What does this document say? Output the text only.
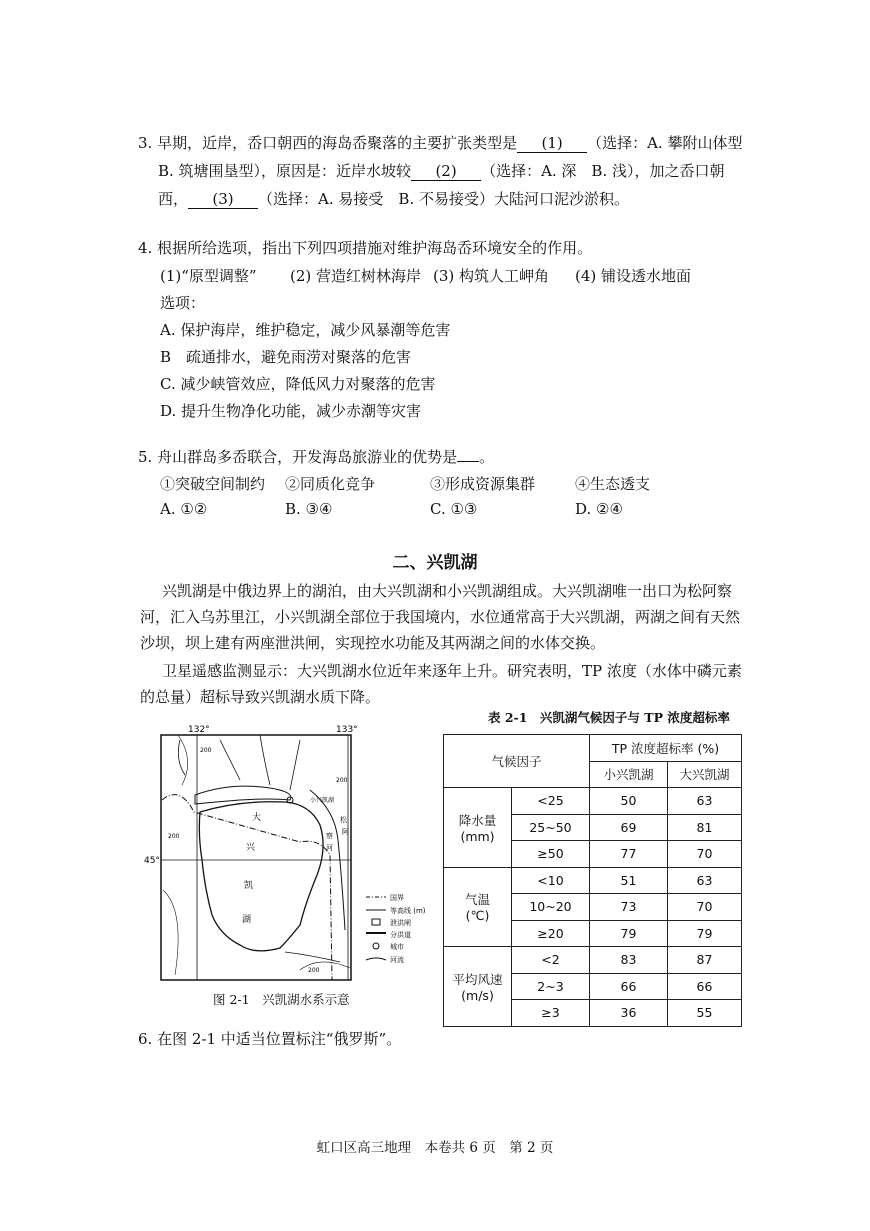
3. 早期，近岸，岙口朝西的海岛岙聚落的主要扩张类型是 (1) （选择：A. 攀附山体型
B. 筑塘围垦型），原因是：近岸水坡较 (2) （选择：A. 深　B. 浅），加之岙口朝
西， (3) （选择：A. 易接受　B. 不易接受）大陆河口泥沙淤积。
4. 根据所给选项，指出下列四项措施对维护海岛岙环境安全的作用。
(1)“原型调整” (2) 营造红树林海岸 (3) 构筑人工岬角 (4) 铺设透水地面
选项：
A. 保护海岸，维护稳定，减少风暴潮等危害
B　疏通排水，避免雨涝对聚落的危害
C. 减少峡管效应，降低风力对聚落的危害
D. 提升生物净化功能，减少赤潮等灾害
5. 舟山群岛多岙联合，开发海岛旅游业的优势是 。
①突破空间制约 ②同质化竞争	③形成资源集群	④生态透支
A. ①②	B. ③④	C. ①③	D. ②④
二、兴凯湖
兴凯湖是中俄边界上的湖泊，由大兴凯湖和小兴凯湖组成。大兴凯湖唯一出口为松阿察
河，汇入乌苏里江，小兴凯湖全部位于我国境内，水位通常高于大兴凯湖，两湖之间有天然
沙坝，坝上建有两座泄洪闸，实现控水功能及其两湖之间的水体交换。
卫星遥感监测显示：大兴凯湖水位近年来逐年上升。研究表明，TP 浓度（水体中磷元素
的总量）超标导致兴凯湖水质下降。
132°	133°
45°
200
200
200
200
小兴凯湖
大
兴
凯
湖
松
阿
察
河
国界
等高线 (m)
泄洪闸
分洪道
城市
河流
图 2-1　兴凯湖水系示意
表 2-1　兴凯湖气候因子与 TP 浓度超标率
气候因子		TP 浓度超标率 (%)	
		小兴凯湖	大兴凯湖
降水量
(mm)	<25	50	63
	25~50	69	81
	≥50	77	70
气温
(℃)	<10	51	63
	10~20	73	70
	≥20	79	79
平均风速
(m/s)	<2	83	87
	2~3	66	66
	≥3	36	55
6. 在图 2-1 中适当位置标注“俄罗斯”。
虹口区高三地理　本卷共 6 页　第 2 页
